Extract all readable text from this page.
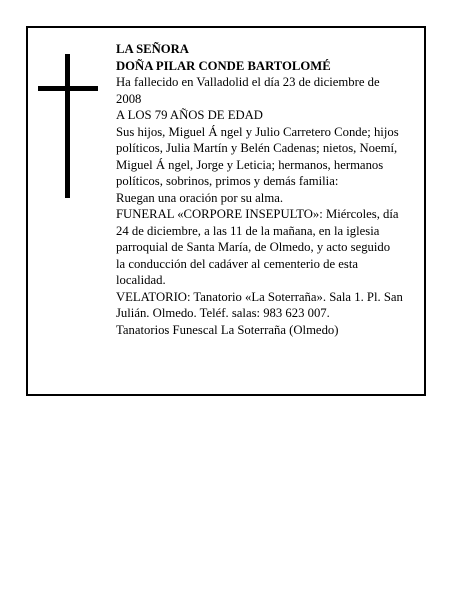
LA SEÑORA
DOÑA PILAR CONDE BARTOLOMÉ
Ha fallecido en Valladolid el día 23 de diciembre de
2008
A LOS 79 AÑOS DE EDAD
Sus hijos, Miguel Á ngel y Julio Carretero Conde; hijos
políticos, Julia Martín y Belén Cadenas; nietos, Noemí,
Miguel Á ngel, Jorge y Leticia; hermanos, hermanos
políticos, sobrinos, primos y demás familia:
Ruegan una oración por su alma.
FUNERAL «CORPORE INSEPULTO»: Miércoles, día
24 de diciembre, a las 11 de la mañana, en la iglesia
parroquial de Santa María, de Olmedo, y acto seguido
la conducción del cadáver al cementerio de esta
localidad.
VELATORIO: Tanatorio «La Soterraña». Sala 1. Pl. San
Julián. Olmedo. Teléf. salas: 983 623 007.
Tanatorios Funescal La Soterraña (Olmedo)
